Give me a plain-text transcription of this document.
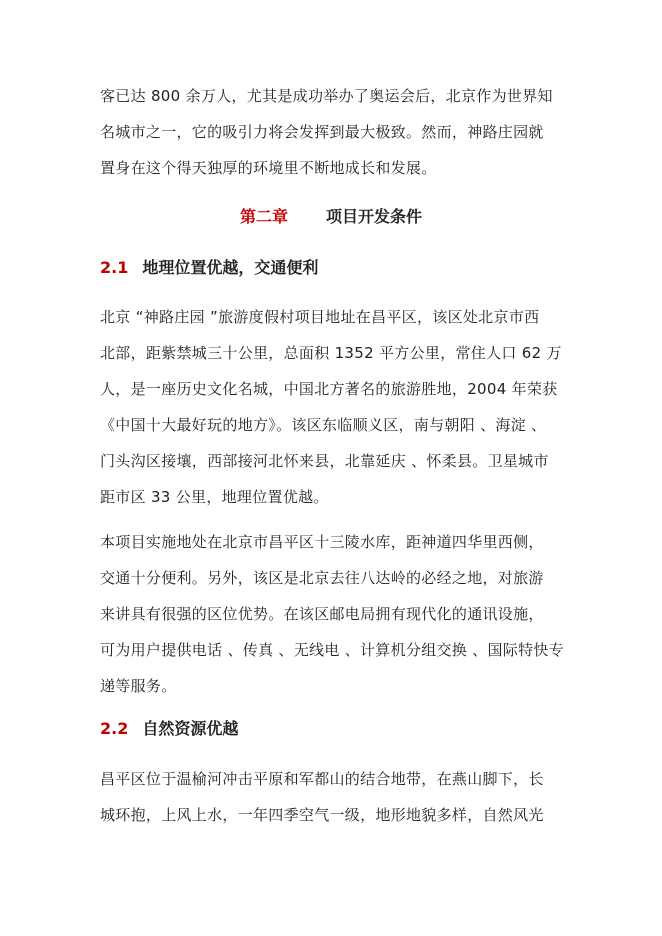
客已达 800 余万人，尤其是成功举办了奥运会后，北京作为世界知
名城市之一，它的吸引力将会发挥到最大极致。然而，神路庄园就
置身在这个得天独厚的环境里不断地成长和发展。
第二章 项目开发条件
2.1 地理位置优越，交通便利
北京 “神路庄园 ”旅游度假村项目地址在昌平区，该区处北京市西
北部，距紫禁城三十公里，总面积 1352 平方公里，常住人口 62 万
人，是一座历史文化名城，中国北方著名的旅游胜地，2004 年荣获
《中国十大最好玩的地方》。该区东临顺义区，南与朝阳 、海淀 、
门头沟区接壤，西部接河北怀来县，北靠延庆 、怀柔县。卫星城市
距市区 33 公里，地理位置优越。
本项目实施地处在北京市昌平区十三陵水库，距神道四华里西侧，
交通十分便利。另外，该区是北京去往八达岭的必经之地，对旅游
来讲具有很强的区位优势。在该区邮电局拥有现代化的通讯设施，
可为用户提供电话 、传真 、无线电 、计算机分组交换 、国际特快专
递等服务。
2.2 自然资源优越
昌平区位于温榆河冲击平原和军都山的结合地带，在燕山脚下，长
城环抱，上风上水，一年四季空气一级，地形地貌多样，自然风光
